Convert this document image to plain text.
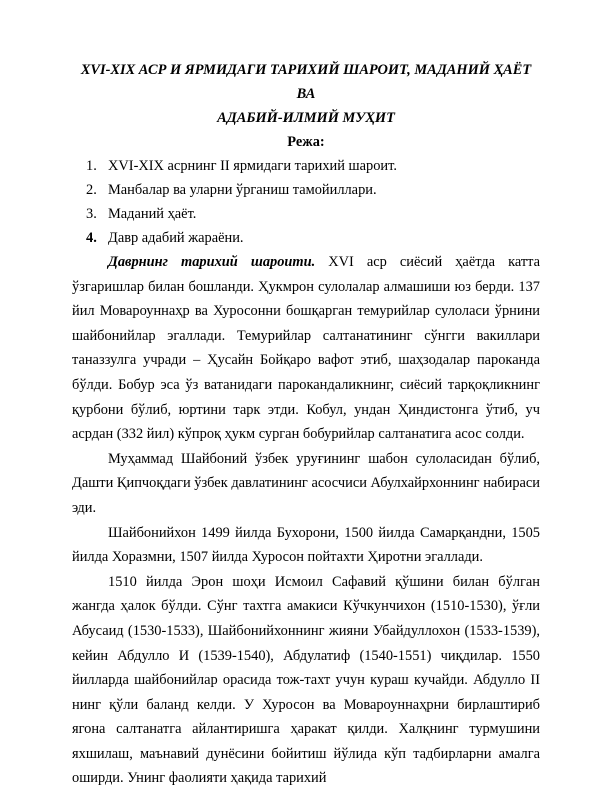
XVI-XIX АСР И ЯРМИДАГИ ТАРИХИЙ ШАРОИТ, МАДАНИЙ ҲАЁТ ВА

АДАБИЙ-ИЛМИЙ МУҲИТ

Режа:

1. XVI-XIX асрнинг II ярмидаги тарихий шароит.
2. Манбалар ва уларни ўрганиш тамойиллари.
3. Маданий ҳаёт.
4. Давр адабий жараёни.

Даврнинг тарихий шароити. XVI аср сиёсий ҳаётда катта ўзгаришлар билан бошланди. Ҳукмрон сулолалар алмашиши юз берди. 137 йил Мовароуннаҳр ва Хуросонни бошқарган темурийлар сулоласи ўрнини шайбонийлар эгаллади. Темурийлар салтанатининг сўнгги вакиллари таназзулга учради – Ҳусайн Бойқаро вафот этиб, шаҳзодалар пароканда бўлди. Бобур эса ўз ватанидаги парокандаликнинг, сиёсий тарқоқликнинг қурбони бўлиб, юртини тарк этди. Кобул, ундан Ҳиндистонга ўтиб, уч асрдан (332 йил) кўпроқ ҳукм сурган бобурийлар салтанатига асос солди.

Муҳаммад Шайбоний ўзбек уруғининг шабон сулоласидан бўлиб, Дашти Қипчоқдаги ўзбек давлатининг асосчиси Абулхайрхоннинг набираси эди.

Шайбонийхон 1499 йилда Бухорони, 1500 йилда Самарқандни, 1505 йилда Хоразмни, 1507 йилда Хуросон пойтахти Ҳиротни эгаллади.

1510 йилда Эрон шоҳи Исмоил Сафавий қўшини билан бўлган жангда ҳалок бўлди. Сўнг тахтга амакиси Кўчкунчихон (1510-1530), ўғли Абусаид (1530-1533), Шайбонийхоннинг жияни Убайдуллохон (1533-1539), кейин Абдулло И (1539-1540), Абдулатиф (1540-1551) чиқдилар. 1550 йилларда шайбонийлар орасида тож-тахт учун кураш кучайди. Абдулло II нинг қўли баланд келди. У Хуросон ва Мовароуннаҳрни бирлаштириб ягона салтанатга айлантиришга ҳаракат қилди. Халқнинг турмушини яхшилаш, маънавий дунёсини бойитиш йўлида кўп тадбирларни амалга оширди. Унинг фаолияти ҳақида тарихий
